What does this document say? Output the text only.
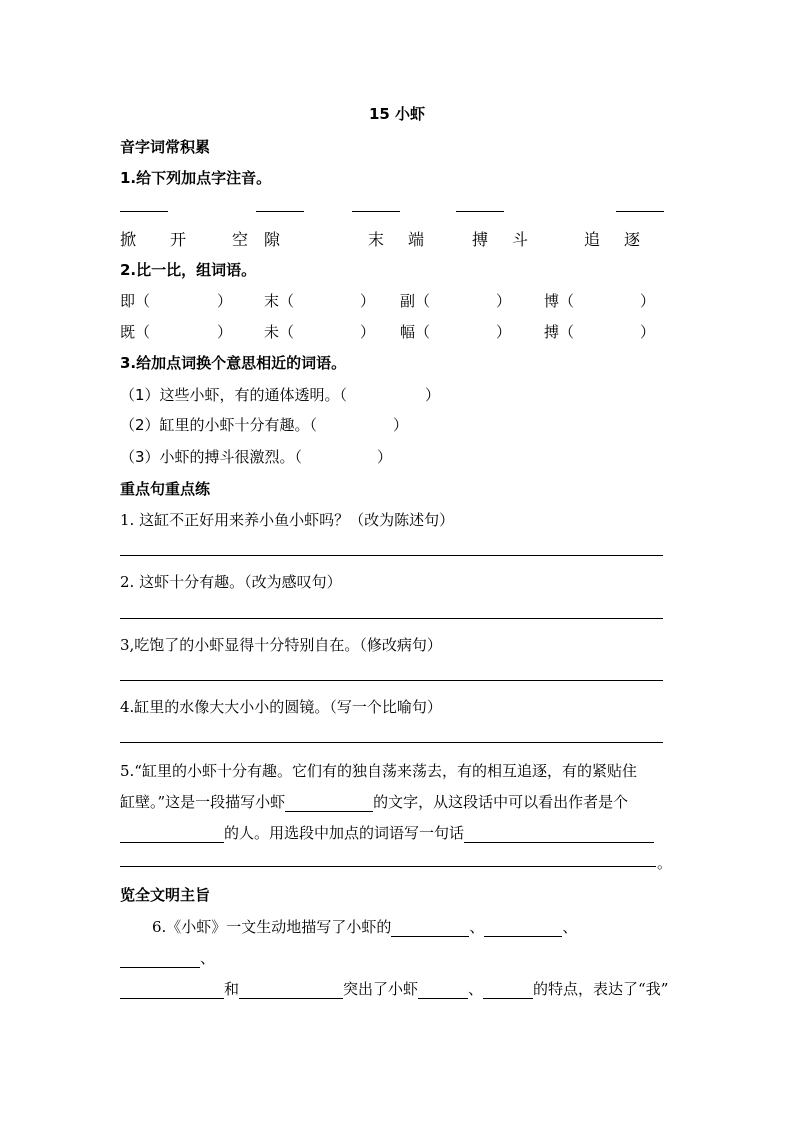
15 小虾
音字词常积累
1.给下列加点字注音。
掀 开	空 隙	末 端	搏 斗	追 逐
2.比一比，组词语。
即（	） 末（	） 副（	） 博（	）
既（	） 未（	） 幅（	） 搏（	）
3.给加点词换个意思相近的词语。
（1）这些小虾，有的通体透明。（	）
（2）缸里的小虾十分有趣。（	）
（3）小虾的搏斗很激烈。（	）
重点句重点练
1. 这缸不正好用来养小鱼小虾吗？（改为陈述句）
2. 这虾十分有趣。（改为感叹句）
3,吃饱了的小虾显得十分特别自在。（修改病句）
4.缸里的水像大大小小的圆镜。（写一个比喻句）
5.“缸里的小虾十分有趣。它们有的独自荡来荡去，有的相互追逐，有的紧贴住
缸壁。”这是一段描写小虾	的文字，从这段话中可以看出作者是个
的人。用选段中加点的词语写一句话
。
览全文明主旨
6.《小虾》一文生动地描写了小虾的	、	、
、
和	突出了小虾	、	的特点，表达了“我”
